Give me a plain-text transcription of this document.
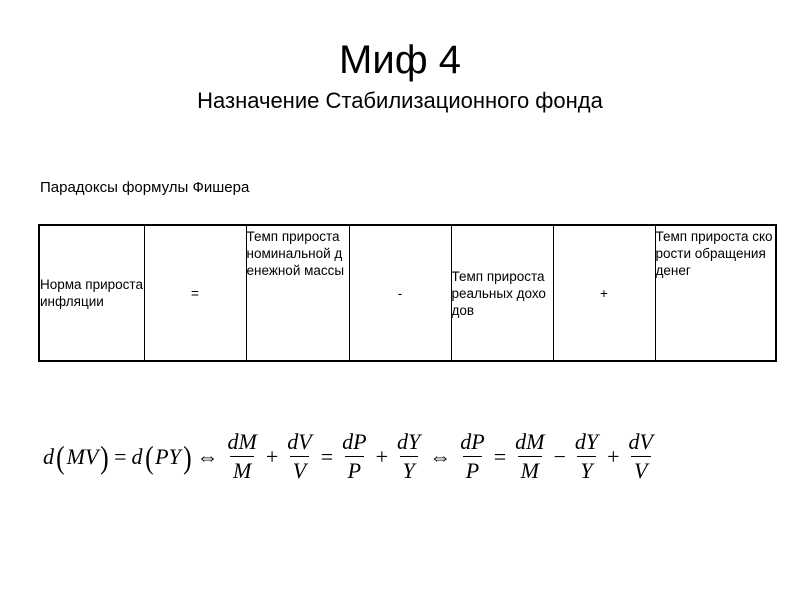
Миф 4
Назначение Стабилизационного фонда
Парадоксы формулы Фишера
Норма прироста инфляции	=	Темп прироста номинальной денежной массы	-	Темп прироста реальных доходов	+	Темп прироста скорости обращения денег
d ( MV ) = d ( PY ) ⇔ $\frac{dM}{M} + \frac{dV}{V} = \frac{dP}{P} + \frac{dY}{Y}$ ⇔ $\frac{dP}{P} = \frac{dM}{M} - \frac{dY}{Y} + \frac{dV}{V}$
